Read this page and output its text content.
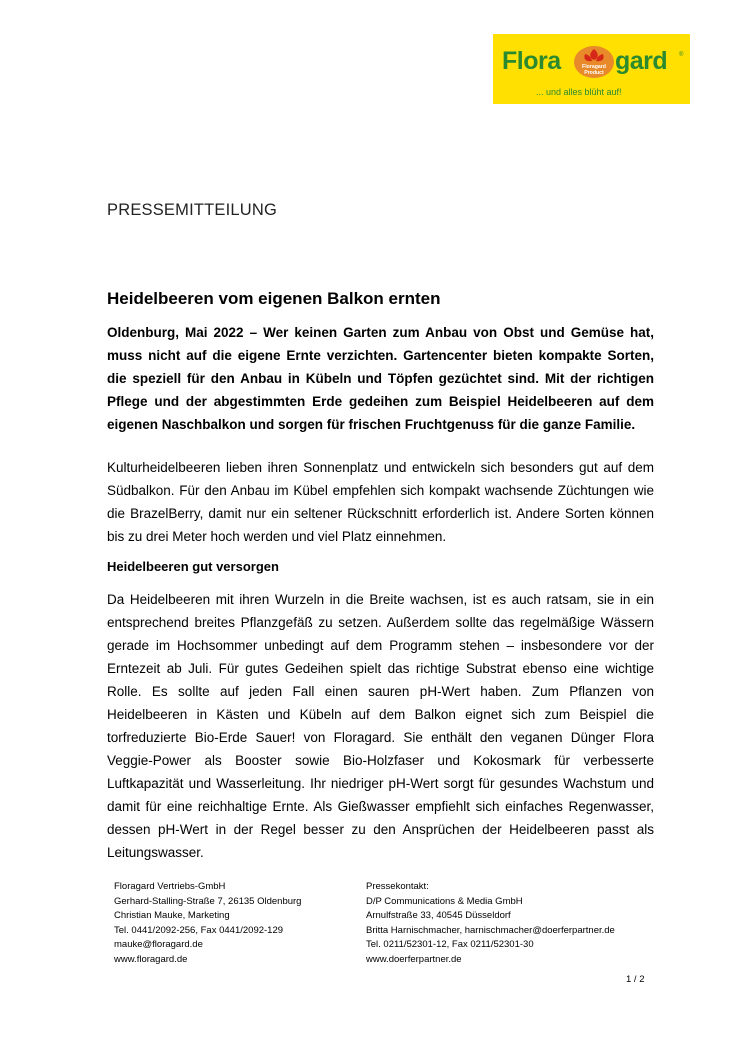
Flora	Floragard
Product gard ®
... und alles blüht auf!
PRESSEMITTEILUNG
Heidelbeeren vom eigenen Balkon ernten

Oldenburg, Mai 2022 – Wer keinen Garten zum Anbau von Obst und Gemüse hat, muss nicht auf die eigene Ernte verzichten. Gartencenter bieten kompakte Sorten, die speziell für den Anbau in Kübeln und Töpfen gezüchtet sind. Mit der richtigen Pflege und der abgestimmten Erde gedeihen zum Beispiel Heidelbeeren auf dem eigenen Naschbalkon und sorgen für frischen Fruchtgenuss für die ganze Familie.

Kulturheidelbeeren lieben ihren Sonnenplatz und entwickeln sich besonders gut auf dem Südbalkon. Für den Anbau im Kübel empfehlen sich kompakt wachsende Züchtungen wie die BrazelBerry, damit nur ein seltener Rückschnitt erforderlich ist. Andere Sorten können bis zu drei Meter hoch werden und viel Platz einnehmen.

Heidelbeeren gut versorgen

Da Heidelbeeren mit ihren Wurzeln in die Breite wachsen, ist es auch ratsam, sie in ein entsprechend breites Pflanzgefäß zu setzen. Außerdem sollte das regelmäßige Wässern gerade im Hochsommer unbedingt auf dem Programm stehen – insbesondere vor der Erntezeit ab Juli. Für gutes Gedeihen spielt das richtige Substrat ebenso eine wichtige Rolle. Es sollte auf jeden Fall einen sauren pH-Wert haben. Zum Pflanzen von Heidelbeeren in Kästen und Kübeln auf dem Balkon eignet sich zum Beispiel die torfreduzierte Bio-Erde Sauer! von Floragard. Sie enthält den veganen Dünger Flora Veggie-Power als Booster sowie Bio-Holzfaser und Kokosmark für verbesserte Luftkapazität und Wasserleitung. Ihr niedriger pH-Wert sorgt für gesundes Wachstum und damit für eine reichhaltige Ernte. Als Gießwasser empfiehlt sich einfaches Regenwasser, dessen pH-Wert in der Regel besser zu den Ansprüchen der Heidelbeeren passt als Leitungswasser.

Floragard Vertriebs-GmbH
Gerhard-Stalling-Straße 7, 26135 Oldenburg
Christian Mauke, Marketing
Tel. 0441/2092-256, Fax 0441/2092-129
mauke@floragard.de
www.floragard.de
Pressekontakt:
D/P Communications & Media GmbH
Arnulfstraße 33, 40545 Düsseldorf
Britta Harnischmacher, harnischmacher@doerferpartner.de
Tel. 0211/52301-12, Fax 0211/52301-30
www.doerferpartner.de
1 / 2
